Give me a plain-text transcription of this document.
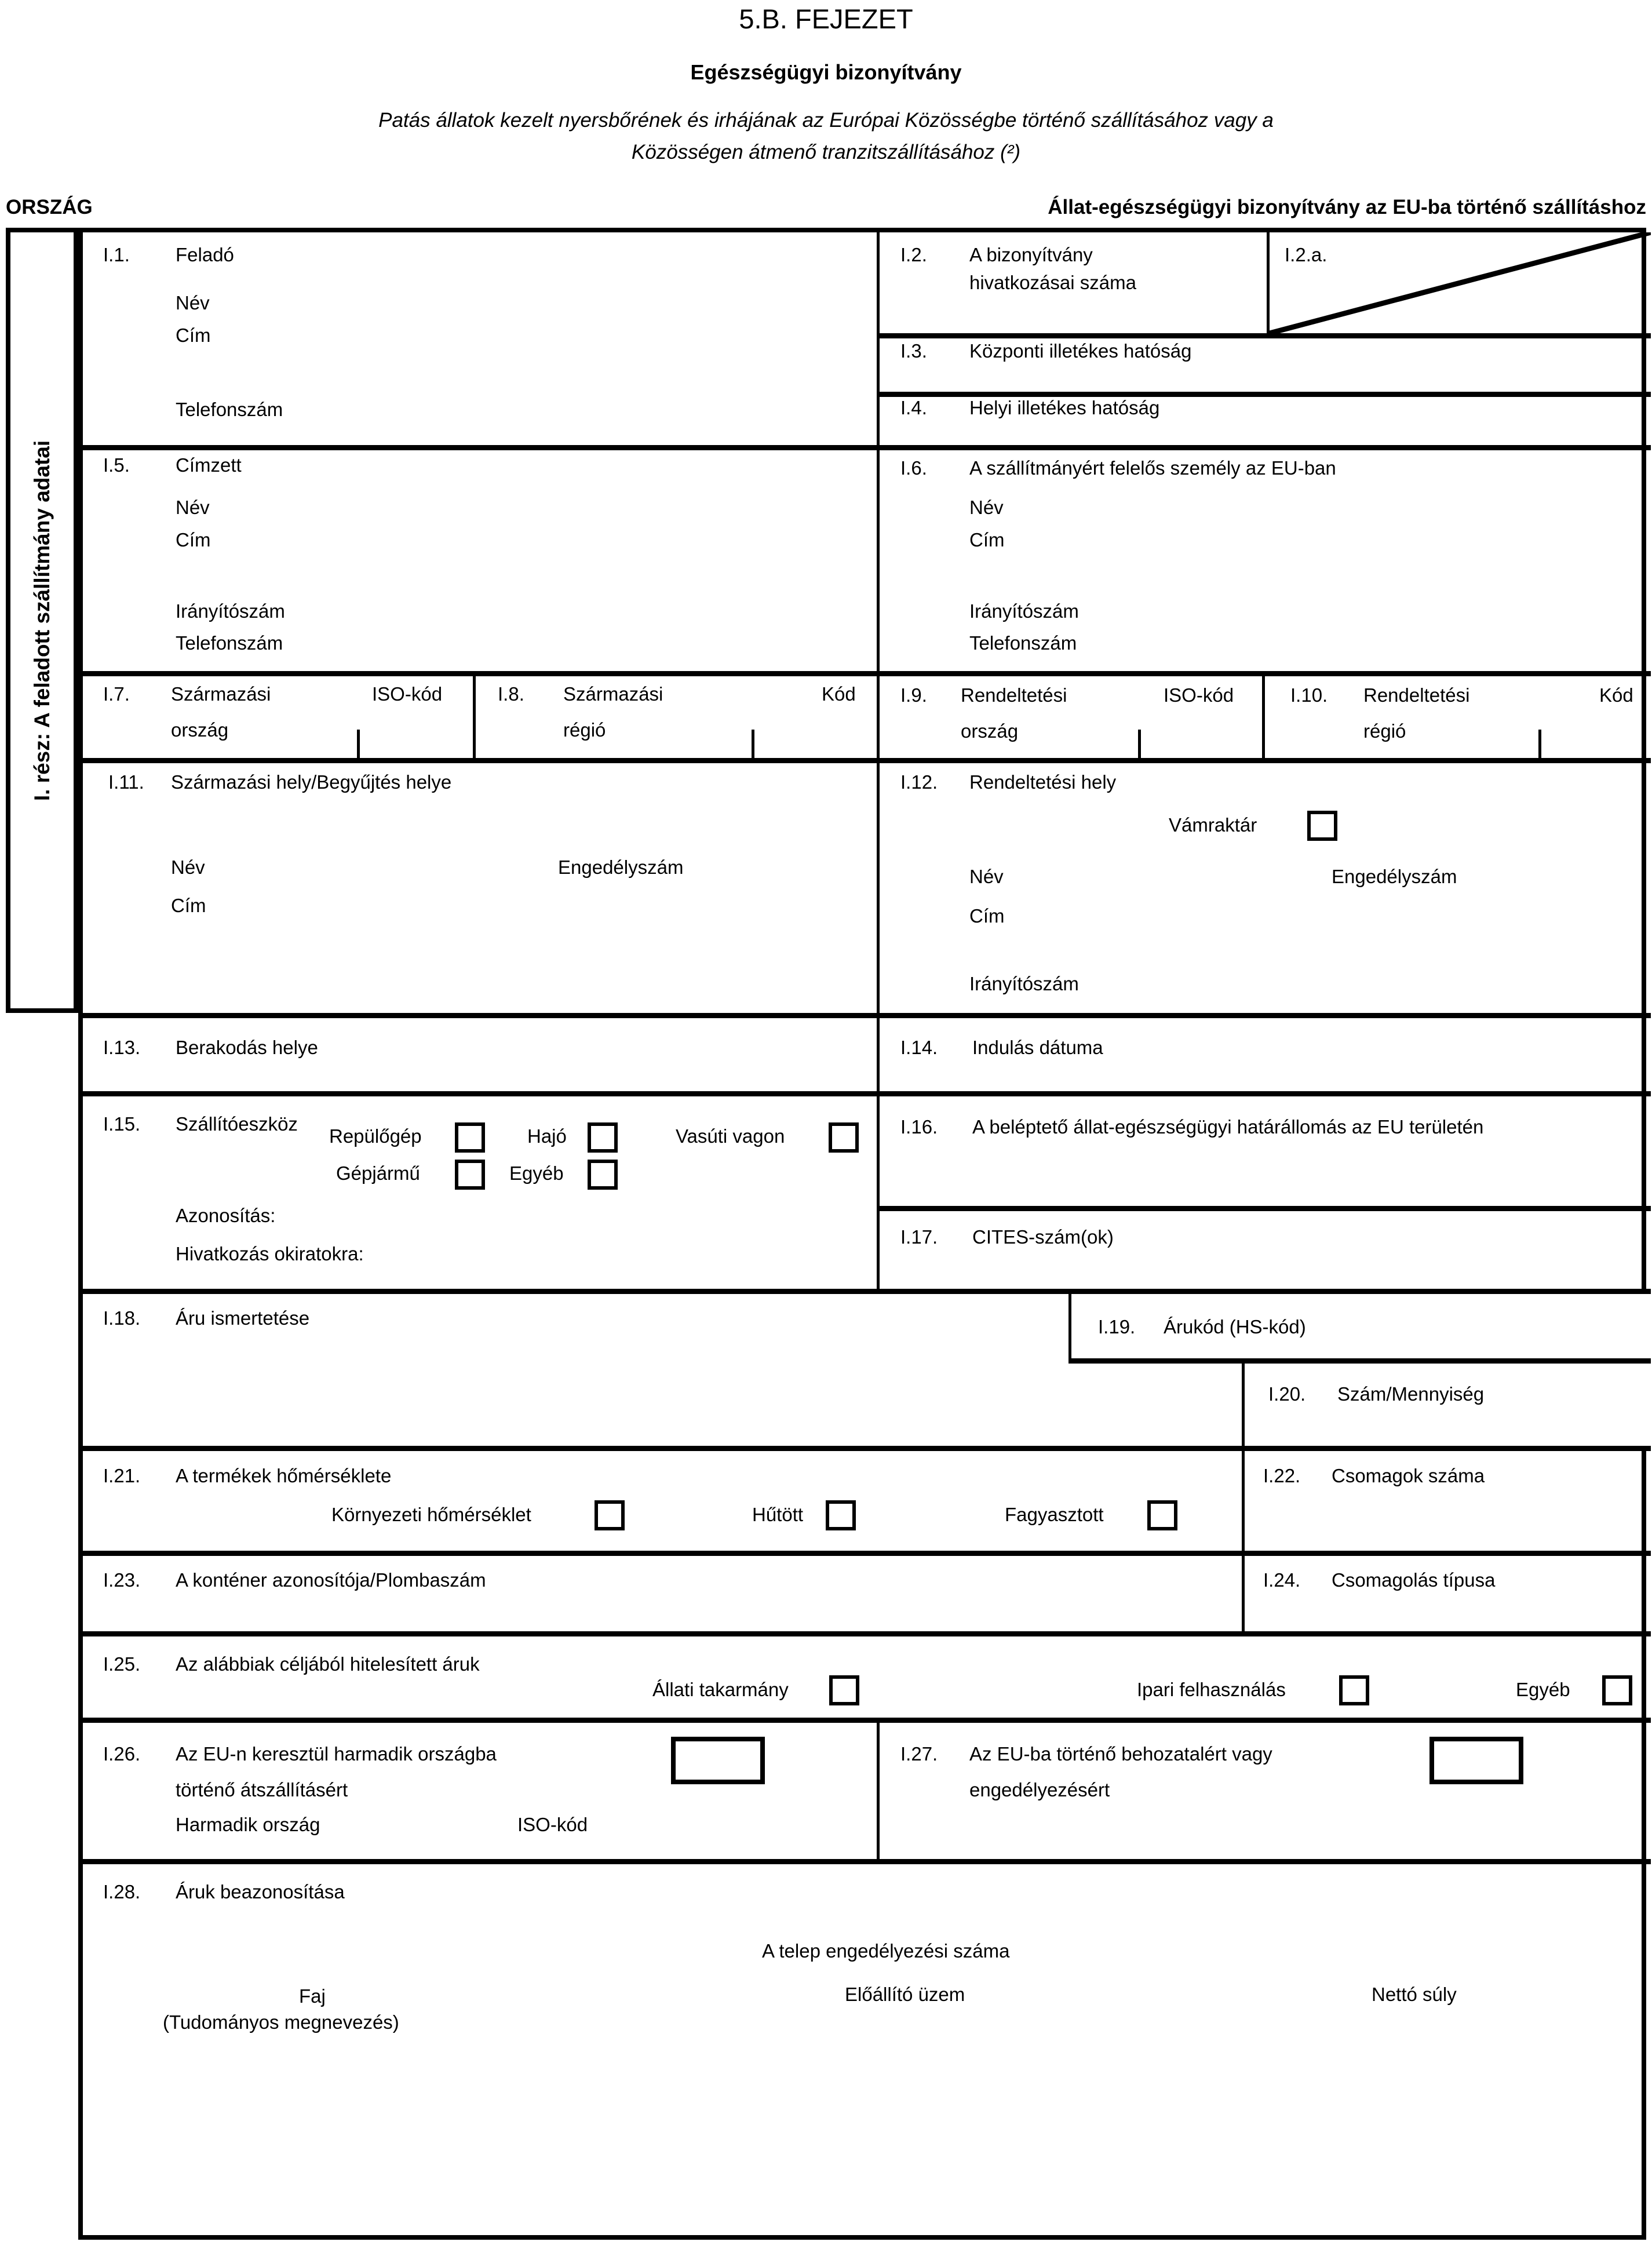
5.B. FEJEZET
Egészségügyi bizonyítvány
Patás állatok kezelt nyersbőrének és irhájának az Európai Közösségbe történő szállításához vagy a
Közösségen átmenő tranzitszállításához (²)
ORSZÁG	Állat-egészségügyi bizonyítvány az EU-ba történő szállításhoz
I. rész: A feladott szállítmány adatai
I.1. Feladó
Név
Cím
Telefonszám
I.2. A bizonyítvány
hivatkozásai száma
I.2.a.
I.3. Központi illetékes hatóság
I.4. Helyi illetékes hatóság
I.5. Címzett
Név
Cím
Irányítószám
Telefonszám
I.6. A szállítmányért felelős személy az EU-ban
Név
Cím
Irányítószám
Telefonszám
I.7. Származási	ISO-kód
ország
I.8. Származási	Kód
régió
I.9. Rendeltetési	ISO-kód
ország
I.10. Rendeltetési	Kód
régió
I.11. Származási hely/Begyűjtés helye
Név	Engedélyszám
Cím
I.12. Rendeltetési hely
Vámraktár
Név	Engedélyszám
Cím
Irányítószám
I.13. Berakodás helye	I.14. Indulás dátuma
I.15. Szállítóeszköz
Repülőgép	Hajó	Vasúti vagon
Gépjármű	Egyéb
Azonosítás:
Hivatkozás okiratokra:
I.16. A beléptető állat-egészségügyi határállomás az EU területén
I.17. CITES-szám(ok)
I.18. Áru ismertetése	I.19. Árukód (HS-kód)
I.20. Szám/Mennyiség
I.21. A termékek hőmérséklete
Környezeti hőmérséklet	Hűtött	Fagyasztott
I.22. Csomagok száma
I.23. A konténer azonosítója/Plombaszám	I.24. Csomagolás típusa
I.25. Az alábbiak céljából hitelesített áruk
Állati takarmány	Ipari felhasználás	Egyéb
I.26. Az EU-n keresztül harmadik országba
történő átszállításért
Harmadik ország	ISO-kód
I.27. Az EU-ba történő behozatalért vagy
engedélyezésért
I.28. Áruk beazonosítása
A telep engedélyezési száma
Faj	Előállító üzem	Nettó súly
(Tudományos megnevezés)
